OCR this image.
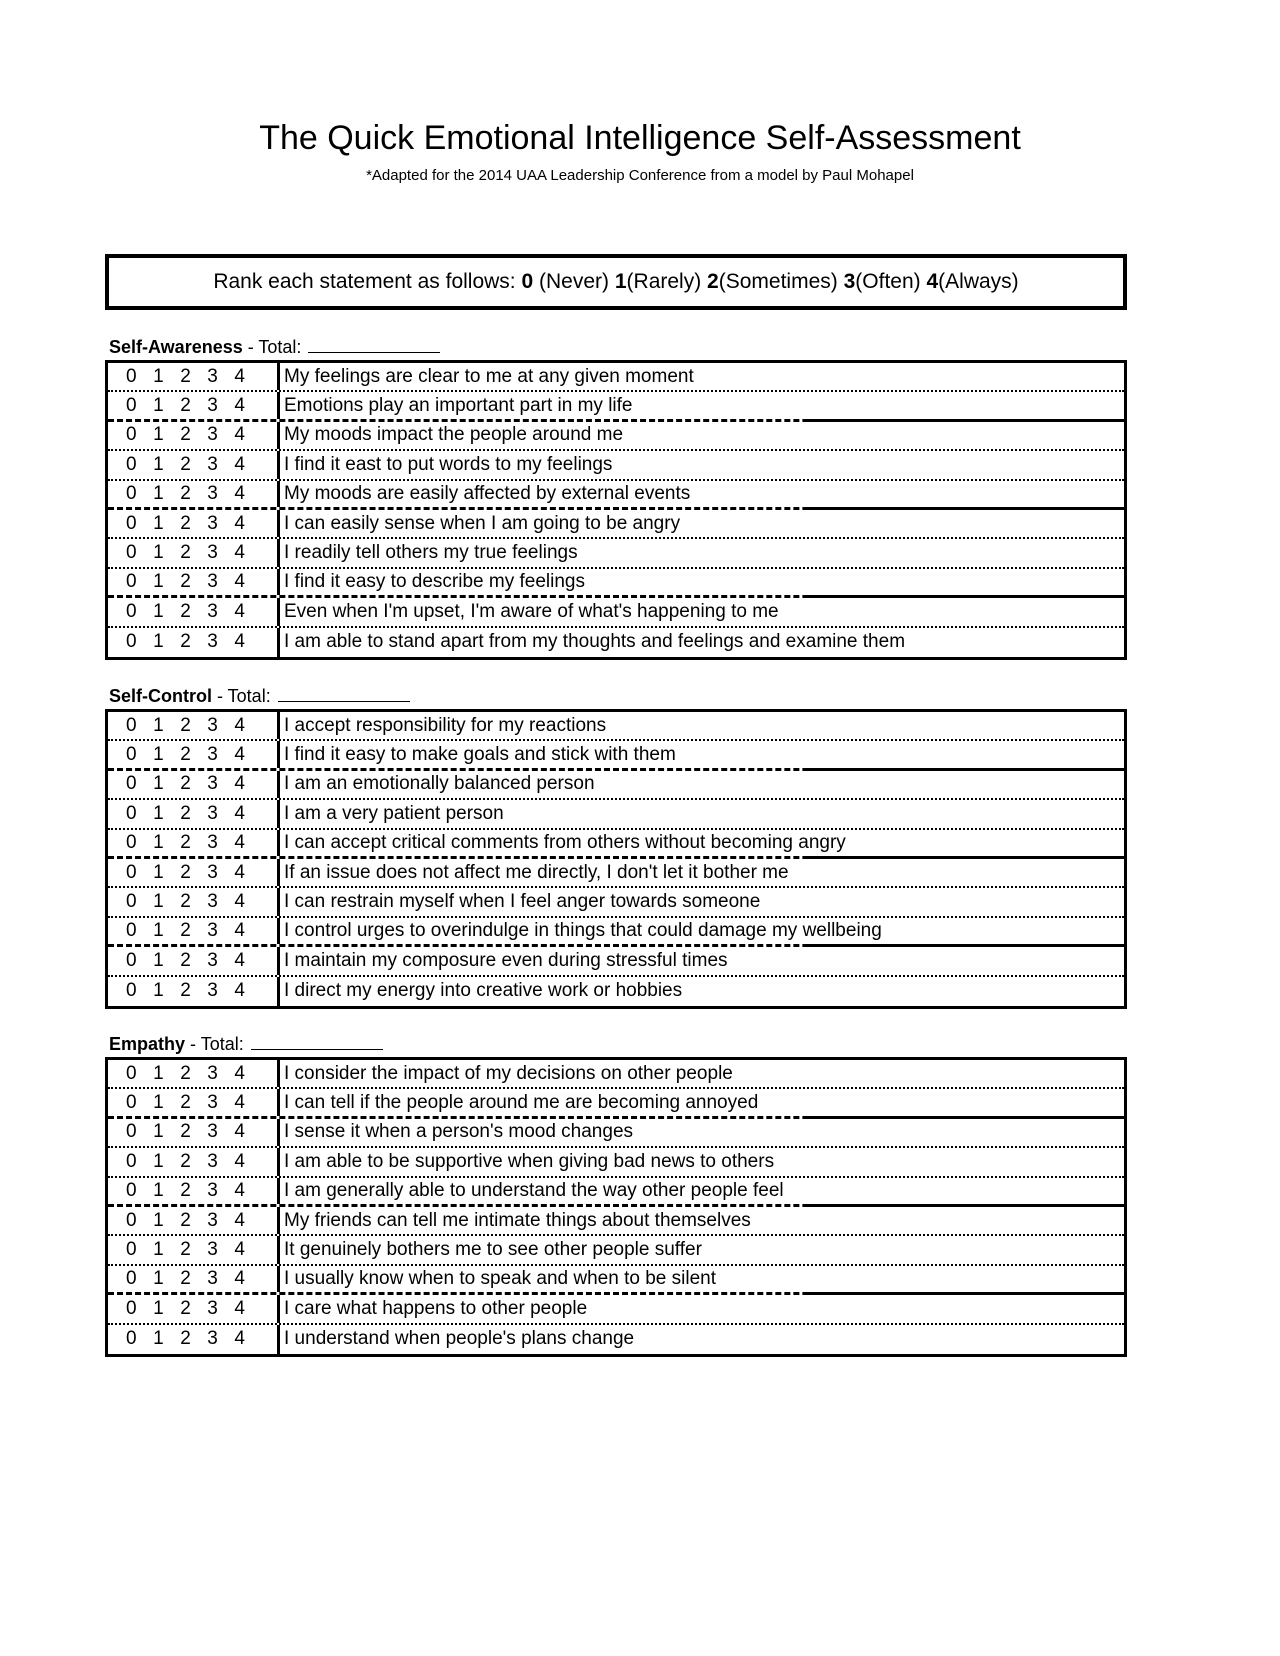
The Quick Emotional Intelligence Self-Assessment
*Adapted for the 2014 UAA Leadership Conference from a model by Paul Mohapel
Rank each statement as follows: 0 (Never) 1 (Rarely) 2 (Sometimes) 3 (Often) 4 (Always)
Self-Awareness - Total:
0 1 2 3 4 My feelings are clear to me at any given moment
0 1 2 3 4 Emotions play an important part in my life
0 1 2 3 4 My moods impact the people around me
0 1 2 3 4 I find it east to put words to my feelings
0 1 2 3 4 My moods are easily affected by external events
0 1 2 3 4 I can easily sense when I am going to be angry
0 1 2 3 4 I readily tell others my true feelings
0 1 2 3 4 I find it easy to describe my feelings
0 1 2 3 4 Even when I'm upset, I'm aware of what's happening to me
0 1 2 3 4 I am able to stand apart from my thoughts and feelings and examine them
Self-Control - Total:
0 1 2 3 4 I accept responsibility for my reactions
0 1 2 3 4 I find it easy to make goals and stick with them
0 1 2 3 4 I am an emotionally balanced person
0 1 2 3 4 I am a very patient person
0 1 2 3 4 I can accept critical comments from others without becoming angry
0 1 2 3 4 If an issue does not affect me directly, I don't let it bother me
0 1 2 3 4 I can restrain myself when I feel anger towards someone
0 1 2 3 4 I control urges to overindulge in things that could damage my wellbeing
0 1 2 3 4 I maintain my composure even during stressful times
0 1 2 3 4 I direct my energy into creative work or hobbies
Empathy - Total:
0 1 2 3 4 I consider the impact of my decisions on other people
0 1 2 3 4 I can tell if the people around me are becoming annoyed
0 1 2 3 4 I sense it when a person's mood changes
0 1 2 3 4 I am able to be supportive when giving bad news to others
0 1 2 3 4 I am generally able to understand the way other people feel
0 1 2 3 4 My friends can tell me intimate things about themselves
0 1 2 3 4 It genuinely bothers me to see other people suffer
0 1 2 3 4 I usually know when to speak and when to be silent
0 1 2 3 4 I care what happens to other people
0 1 2 3 4 I understand when people's plans change
